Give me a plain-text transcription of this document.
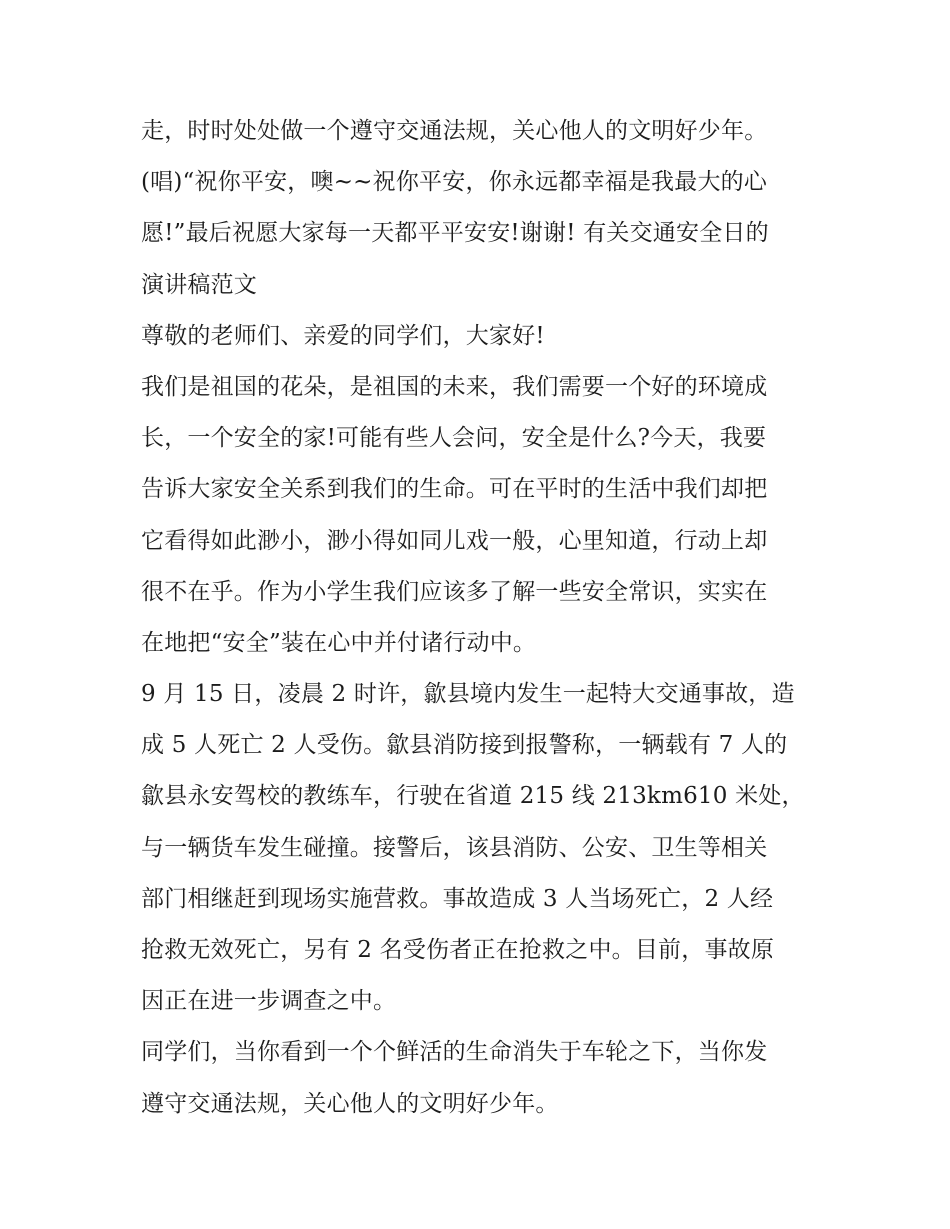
走，时时处处做一个遵守交通法规，关心他人的文明好少年。
(唱)“祝你平安，噢~~祝你平安，你永远都幸福是我最大的心
愿!”最后祝愿大家每一天都平平安安!谢谢! 有关交通安全日的
演讲稿范文
尊敬的老师们、亲爱的同学们，大家好!
我们是祖国的花朵，是祖国的未来，我们需要一个好的环境成
长，一个安全的家!可能有些人会问，安全是什么?今天，我要
告诉大家安全关系到我们的生命。可在平时的生活中我们却把
它看得如此渺小，渺小得如同儿戏一般，心里知道，行动上却
很不在乎。作为小学生我们应该多了解一些安全常识，实实在
在地把“安全”装在心中并付诸行动中。
9 月 15 日，凌晨 2 时许，歙县境内发生一起特大交通事故，造
成 5 人死亡 2 人受伤。歙县消防接到报警称，一辆载有 7 人的
歙县永安驾校的教练车，行驶在省道 215 线 213km610 米处，
与一辆货车发生碰撞。接警后，该县消防、公安、卫生等相关
部门相继赶到现场实施营救。事故造成 3 人当场死亡，2 人经
抢救无效死亡，另有 2 名受伤者正在抢救之中。目前，事故原
因正在进一步调查之中。
同学们，当你看到一个个鲜活的生命消失于车轮之下，当你发
遵守交通法规，关心他人的文明好少年。
